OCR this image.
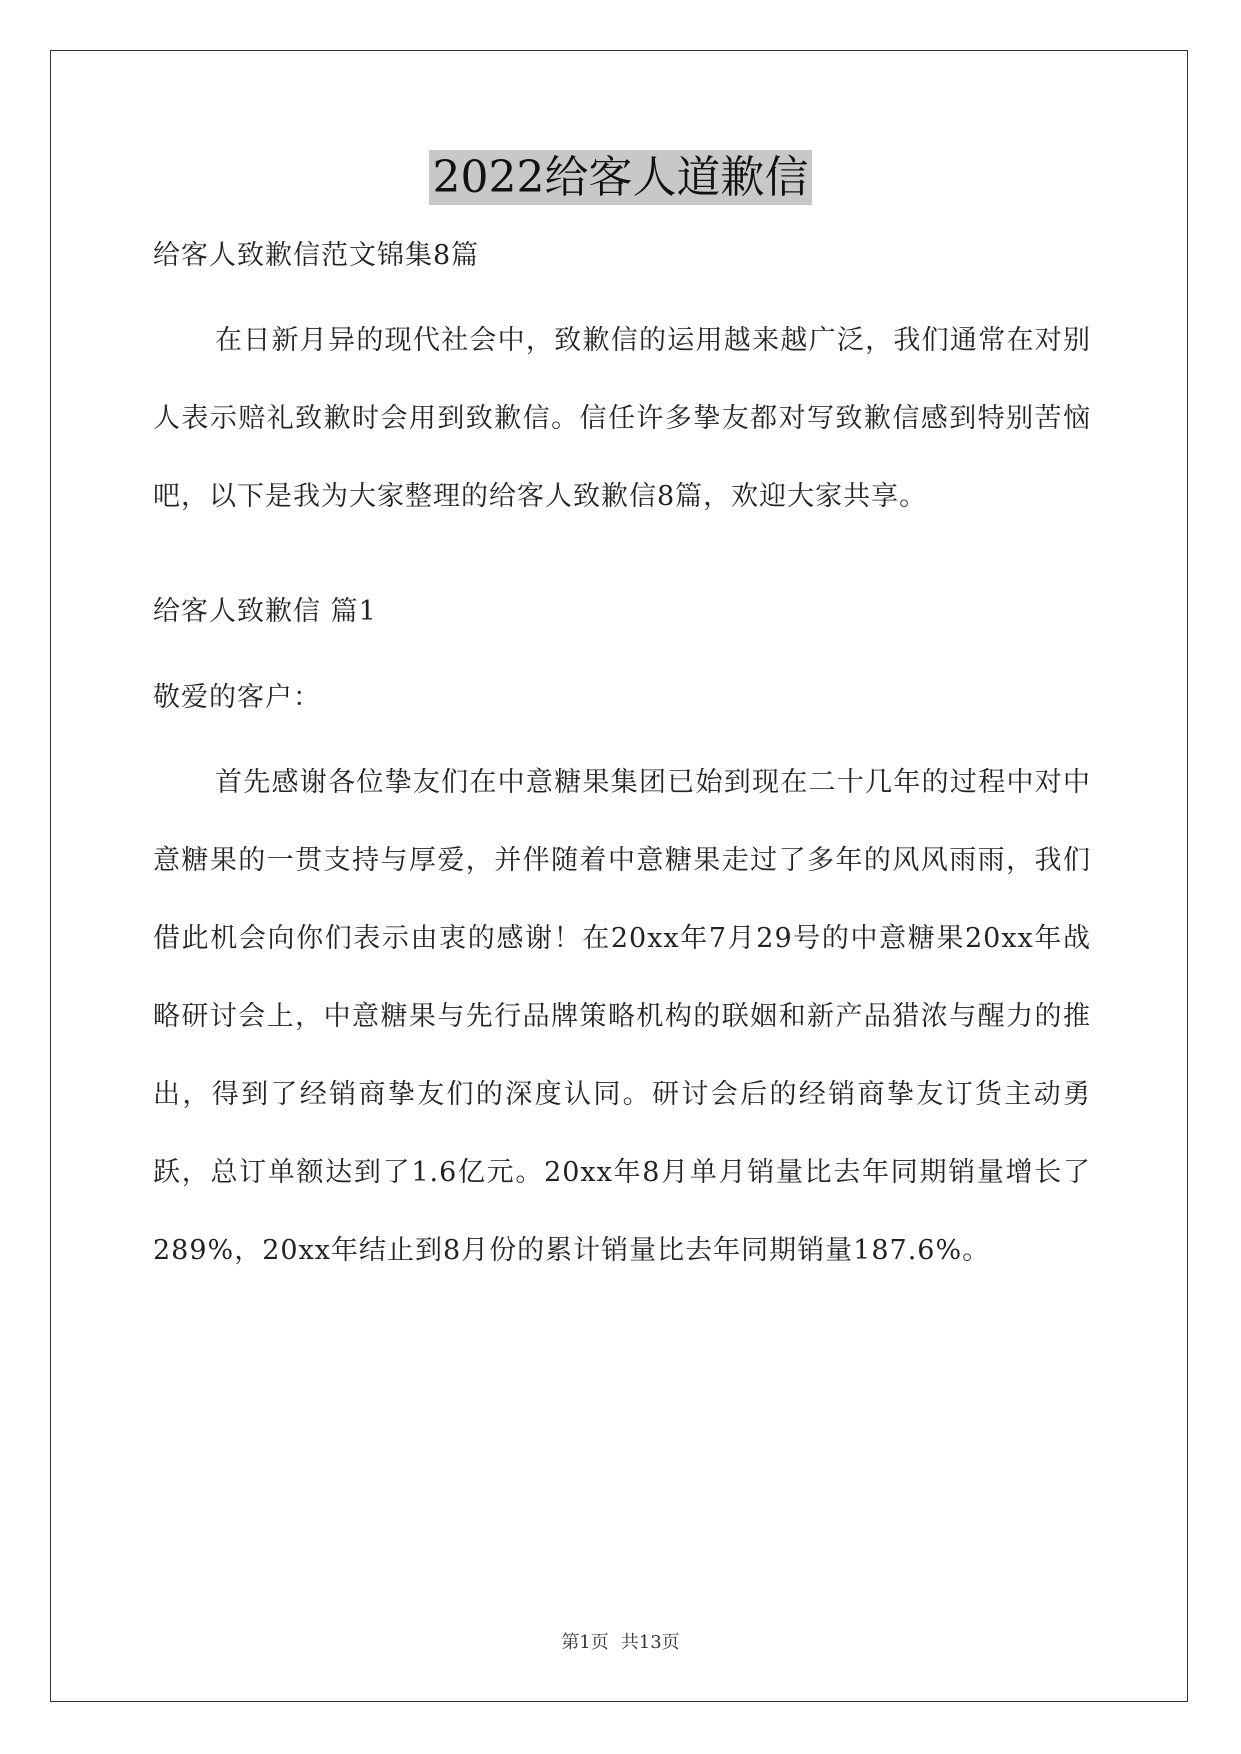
2022给客人道歉信

给客人致歉信范文锦集8篇

在日新月异的现代社会中，致歉信的运用越来越广泛，我们通常在对别人表示赔礼致歉时会用到致歉信。信任许多挚友都对写致歉信感到特别苦恼吧，以下是我为大家整理的给客人致歉信8篇，欢迎大家共享。

给客人致歉信 篇1

敬爱的客户：

首先感谢各位挚友们在中意糖果集团已始到现在二十几年的过程中对中意糖果的一贯支持与厚爱，并伴随着中意糖果走过了多年的风风雨雨，我们借此机会向你们表示由衷的感谢！在20xx年7月29号的中意糖果20xx年战略研讨会上，中意糖果与先行品牌策略机构的联姻和新产品猎浓与醒力的推出，得到了经销商挚友们的深度认同。研讨会后的经销商挚友订货主动勇跃，总订单额达到了1.6亿元。20xx年8月单月销量比去年同期销量增长了289%，20xx年结止到8月份的累计销量比去年同期销量187.6%。

第1页 共13页
